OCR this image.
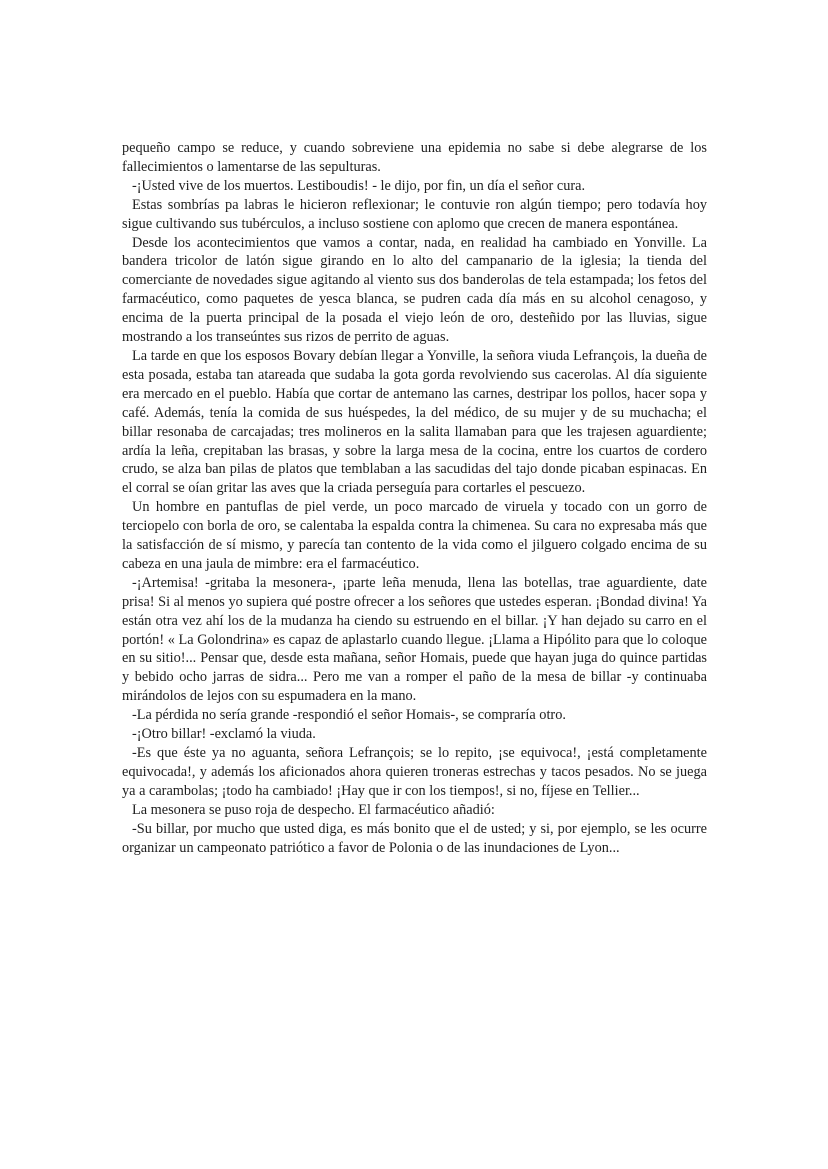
pequeño campo se reduce, y cuando sobreviene una epidemia no sabe si debe alegrarse de los fallecimientos o lamentarse de las sepulturas.

-¡Usted vive de los muertos. Lestiboudis! - le dijo, por fin, un día el señor cura.

Estas sombrías pa labras le hicieron reflexionar; le contuvie ron algún tiempo; pero todavía hoy sigue cultivando sus tubérculos, a incluso sostiene con aplomo que crecen de manera espontánea.

Desde los acontecimientos que vamos a contar, nada, en realidad ha cambiado en Yonville. La bandera tricolor de latón sigue girando en lo alto del campanario de la iglesia; la tienda del comerciante de novedades sigue agitando al viento sus dos banderolas de tela estampada; los fetos del farmacéutico, como paquetes de yesca blanca, se pudren cada día más en su alcohol cenagoso, y encima de la puerta principal de la posada el viejo león de oro, desteñido por las lluvias, sigue mostrando a los transeúntes sus rizos de perrito de aguas.

La tarde en que los esposos Bovary debían llegar a Yonville, la señora viuda Lefrançois, la dueña de esta posada, estaba tan atareada que sudaba la gota gorda revolviendo sus cacerolas. Al día siguiente era mercado en el pueblo. Había que cortar de antemano las carnes, destripar los pollos, hacer sopa y café. Además, tenía la comida de sus huéspedes, la del médico, de su mujer y de su muchacha; el billar resonaba de carcajadas; tres molineros en la salita llamaban para que les trajesen aguardiente; ardía la leña, crepitaban las brasas, y sobre la larga mesa de la cocina, entre los cuartos de cordero crudo, se alza ban pilas de platos que temblaban a las sacudidas del tajo donde picaban espinacas. En el corral se oían gritar las aves que la criada perseguía para cortarles el pescuezo.

Un hombre en pantuflas de piel verde, un poco marcado de viruela y tocado con un gorro de terciopelo con borla de oro, se calentaba la espalda contra la chimenea. Su cara no expresaba más que la satisfacción de sí mismo, y parecía tan contento de la vida como el jilguero colgado encima de su cabeza en una jaula de mimbre: era el farmacéutico.

-¡Artemisa! -gritaba la mesonera-, ¡parte leña menuda, llena las botellas, trae aguardiente, date prisa! Si al menos yo supiera qué postre ofrecer a los señores que ustedes esperan. ¡Bondad divina! Ya están otra vez ahí los de la mudanza ha ciendo su estruendo en el billar. ¡Y han dejado su carro en el portón! « La Golondrina» es capaz de aplastarlo cuando llegue. ¡Llama a Hipólito para que lo coloque en su sitio!... Pensar que, desde esta mañana, señor Homais, puede que hayan juga do quince partidas y bebido ocho jarras de sidra... Pero me van a romper el paño de la mesa de billar -y continuaba mirándolos de lejos con su espumadera en la mano.

-La pérdida no sería grande -respondió el señor Homais-, se compraría otro.

-¡Otro billar! -exclamó la viuda.

-Es que éste ya no aguanta, señora Lefrançois; se lo repito, ¡se equivoca!, ¡está completamente equivocada!, y además los aficionados ahora quieren troneras estrechas y tacos pesados. No se juega ya a carambolas; ¡todo ha cambiado! ¡Hay que ir con los tiempos!, si no, fíjese en Tellier...

La mesonera se puso roja de despecho. El farmacéutico añadió:

-Su billar, por mucho que usted diga, es más bonito que el de usted; y si, por ejemplo, se les ocurre organizar un campeonato patriótico a favor de Polonia o de las inundaciones de Lyon...
